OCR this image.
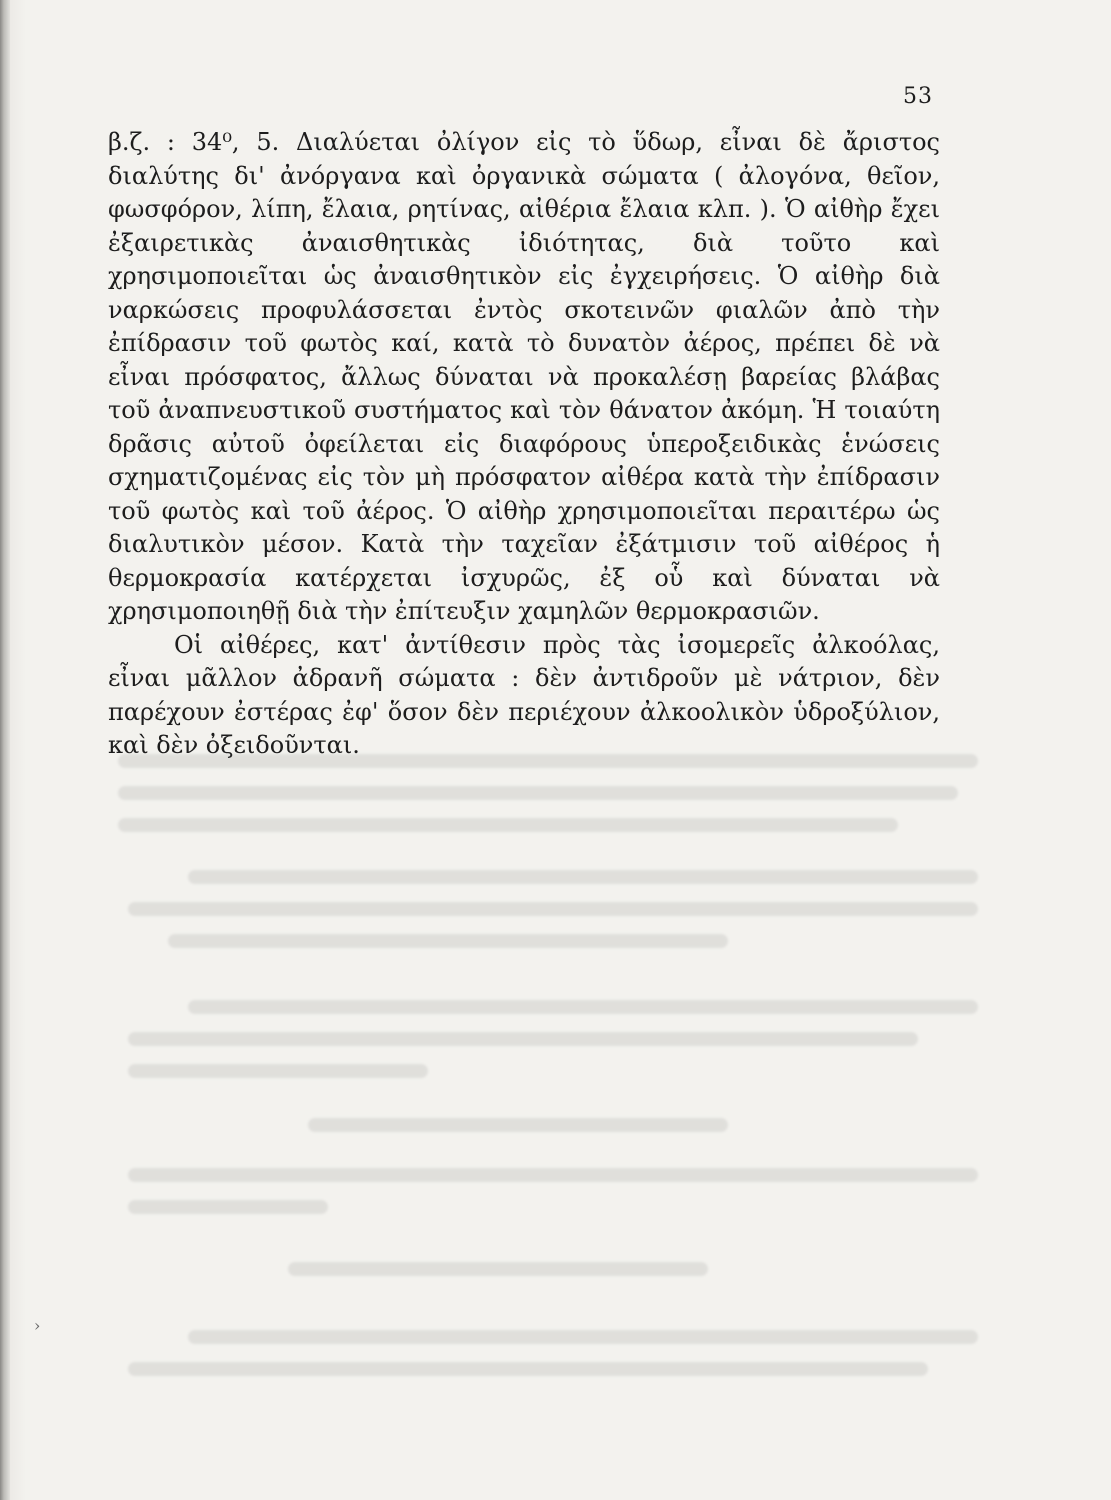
53

β.ζ. : 34⁰, 5. Διαλύεται ὀλίγον εἰς τὸ ὕδωρ, εἶναι δὲ ἄριστος διαλύτης δι' ἀνόργανα καὶ ὀργανικὰ σώματα ( ἀλογόνα, θεῖον, φωσφόρον, λίπη, ἔλαια, ρητίνας, αἰθέρια ἔλαια κλπ. ). Ὁ αἰθὴρ ἔχει ἐξαιρετικὰς ἀναισθητικὰς ἰδιότητας, διὰ τοῦτο καὶ χρησιμοποιεῖται ὡς ἀναισθητικὸν εἰς ἐγχειρήσεις. Ὁ αἰθὴρ διὰ ναρκώσεις προφυλάσσεται ἐντὸς σκοτεινῶν φιαλῶν ἀπὸ τὴν ἐπίδρασιν τοῦ φωτὸς καί, κατὰ τὸ δυνατὸν ἀέρος, πρέπει δὲ νὰ εἶναι πρόσφατος, ἄλλως δύναται νὰ προκαλέσῃ βαρείας βλάβας τοῦ ἀναπνευστικοῦ συστήματος καὶ τὸν θάνατον ἀκόμη. Ἡ τοιαύτη δρᾶσις αὐτοῦ ὀφείλεται εἰς διαφόρους ὑπεροξειδικὰς ἑνώσεις σχηματιζομένας εἰς τὸν μὴ πρόσφατον αἰθέρα κατὰ τὴν ἐπίδρασιν τοῦ φωτὸς καὶ τοῦ ἀέρος. Ὁ αἰθὴρ χρησιμοποιεῖται περαιτέρω ὡς διαλυτικὸν μέσον. Κατὰ τὴν ταχεῖαν ἐξάτμισιν τοῦ αἰθέρος ἡ θερμοκρασία κατέρχεται ἰσχυρῶς, ἐξ οὗ καὶ δύναται νὰ χρησιμοποιηθῇ διὰ τὴν ἐπίτευξιν χαμηλῶν θερμοκρασιῶν.

Οἱ αἰθέρες, κατ' ἀντίθεσιν πρὸς τὰς ἰσομερεῖς ἀλκοόλας, εἶναι μᾶλλον ἀδρανῆ σώματα : δὲν ἀντιδροῦν μὲ νάτριον, δὲν παρέχουν ἐστέρας ἐφ' ὅσον δὲν περιέχουν ἀλκοολικὸν ὑδροξύλιον, καὶ δὲν ὀξειδοῦνται.

›
